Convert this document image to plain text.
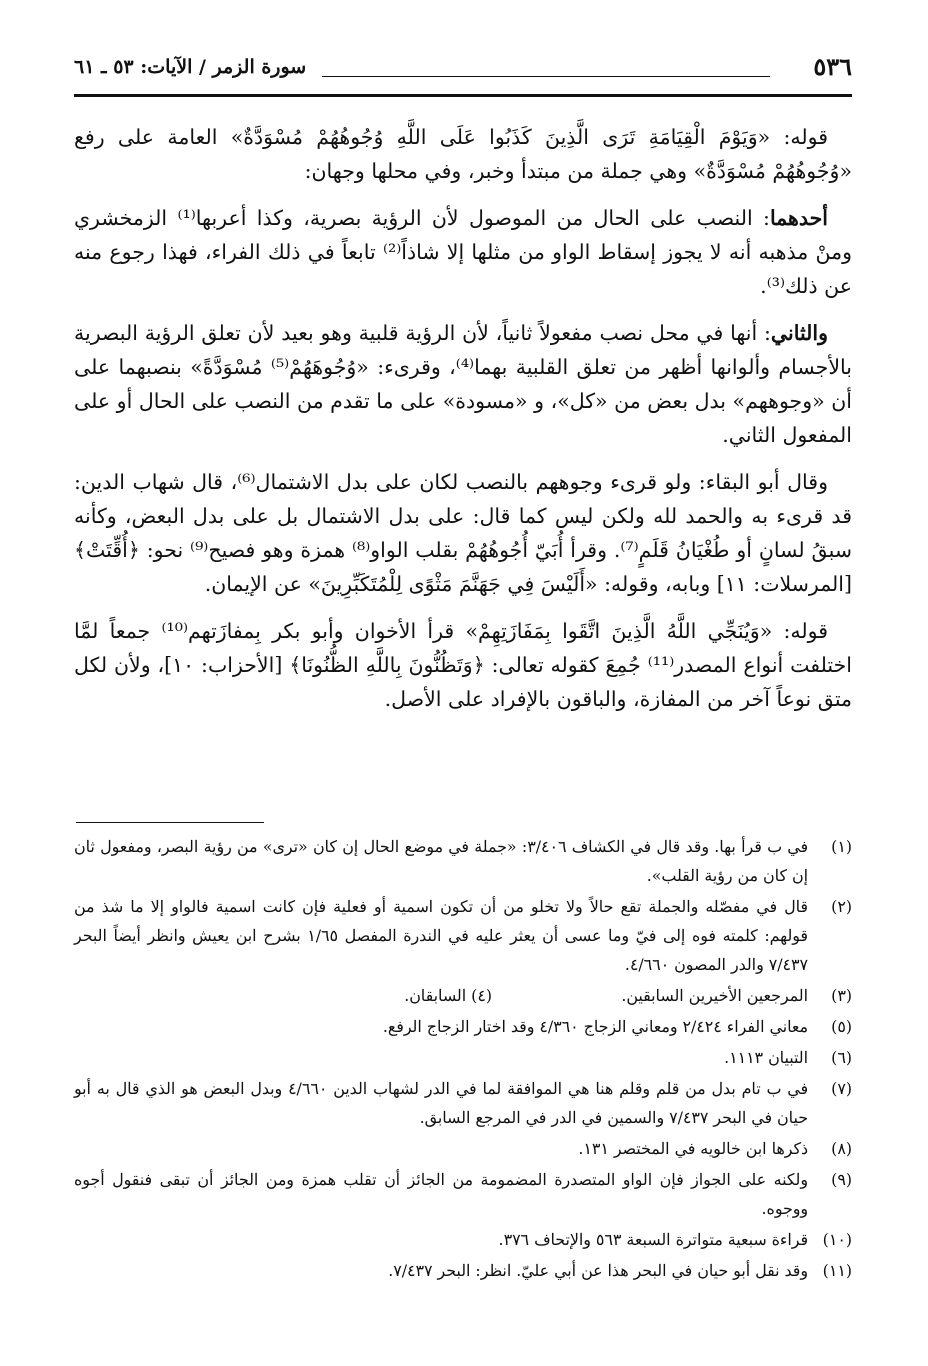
٥٣٦
سورة الزمر / الآيات: ٥٣ ـ ٦١

قوله: «وَيَوْمَ الْقِيَامَةِ تَرَى الَّذِينَ كَذَبُوا عَلَى اللَّهِ وُجُوهُهُمْ مُسْوَدَّةٌ» العامة على رفع «وُجُوهُهُمْ مُسْوَدَّةٌ» وهي جملة من مبتدأ وخبر، وفي محلها وجهان:

أحدهما: النصب على الحال من الموصول لأن الرؤية بصرية، وكذا أعربها⁽¹⁾ الزمخشري ومنْ مذهبه أنه لا يجوز إسقاط الواو من مثلها إلا شاذاً⁽²⁾ تابعاً في ذلك الفراء، فهذا رجوع منه عن ذلك⁽³⁾.

والثاني: أنها في محل نصب مفعولاً ثانياً، لأن الرؤية قلبية وهو بعيد لأن تعلق الرؤية البصرية بالأجسام وألوانها أظهر من تعلق القلبية بهما⁽⁴⁾، وقرىء: «وُجُوهَهُمْ⁽⁵⁾ مُسْوَدَّةً» بنصبهما على أن «وجوههم» بدل بعض من «كل»، و «مسودة» على ما تقدم من النصب على الحال أو على المفعول الثاني.

وقال أبو البقاء: ولو قرىء وجوههم بالنصب لكان على بدل الاشتمال⁽⁶⁾، قال شهاب الدين: قد قرىء به والحمد لله ولكن ليس كما قال: على بدل الاشتمال بل على بدل البعض، وكأنه سبقُ لسانٍ أو طُغْيَانُ قَلَمٍ⁽⁷⁾. وقرأ أُبَيّ أُجُوهُهُمْ بقلب الواو⁽⁸⁾ همزة وهو فصيح⁽⁹⁾ نحو: ﴿أُقِّتَتْ﴾ [المرسلات: ١١] وبابه، وقوله: «أَلَيْسَ فِي جَهَنَّمَ مَثْوًى لِلْمُتَكَبِّرِينَ» عن الإيمان.

قوله: «وَيُنَجِّي اللَّهُ الَّذِينَ اتَّقَوا بِمَفَازَتِهِمْ» قرأ الأخوان وأبو بكر بِمفازَتهم⁽¹⁰⁾ جمعاً لمَّا اختلفت أنواع المصدر⁽¹¹⁾ جُمِعَ كقوله تعالى: ﴿وَتَظُنُّونَ بِاللَّهِ الظُّنُونَا﴾ [الأحزاب: ١٠]، ولأن لكل متق نوعاً آخر من المفازة، والباقون بالإفراد على الأصل.

(١)
في ب قرأ بها. وقد قال في الكشاف ٣/٤٠٦: «جملة في موضع الحال إن كان «ترى» من رؤية البصر، ومفعول ثان إن كان من رؤية القلب».
(٢)
قال في مفصّله والجملة تقع حالاً ولا تخلو من أن تكون اسمية أو فعلية فإن كانت اسمية فالواو إلا ما شذ من قولهم: كلمته فوه إلى فيّ وما عسى أن يعثر عليه في الندرة المفصل ١/٦٥ بشرح ابن يعيش وانظر أيضاً البحر ٧/٤٣٧ والدر المصون ٤/٦٦٠.
(٣)
المرجعين الأخيرين السابقين.
(٤) السابقان.
(٥)
معاني الفراء ٢/٤٢٤ ومعاني الزجاج ٤/٣٦٠ وقد اختار الزجاج الرفع.
(٦)
التبيان ١١١٣.
(٧)
في ب تام بدل من قلم وقلم هنا هي الموافقة لما في الدر لشهاب الدين ٤/٦٦٠ وبدل البعض هو الذي قال به أبو حيان في البحر ٧/٤٣٧ والسمين في الدر في المرجع السابق.
(٨)
ذكرها ابن خالويه في المختصر ١٣١.
(٩)
ولكنه على الجواز فإن الواو المتصدرة المضمومة من الجائز أن تقلب همزة ومن الجائز أن تبقى فنقول أجوه ووجوه.
(١٠)
قراءة سبعية متواترة السبعة ٥٦٣ والإتحاف ٣٧٦.
(١١)
وقد نقل أبو حيان في البحر هذا عن أبي عليّ. انظر: البحر ٧/٤٣٧.
